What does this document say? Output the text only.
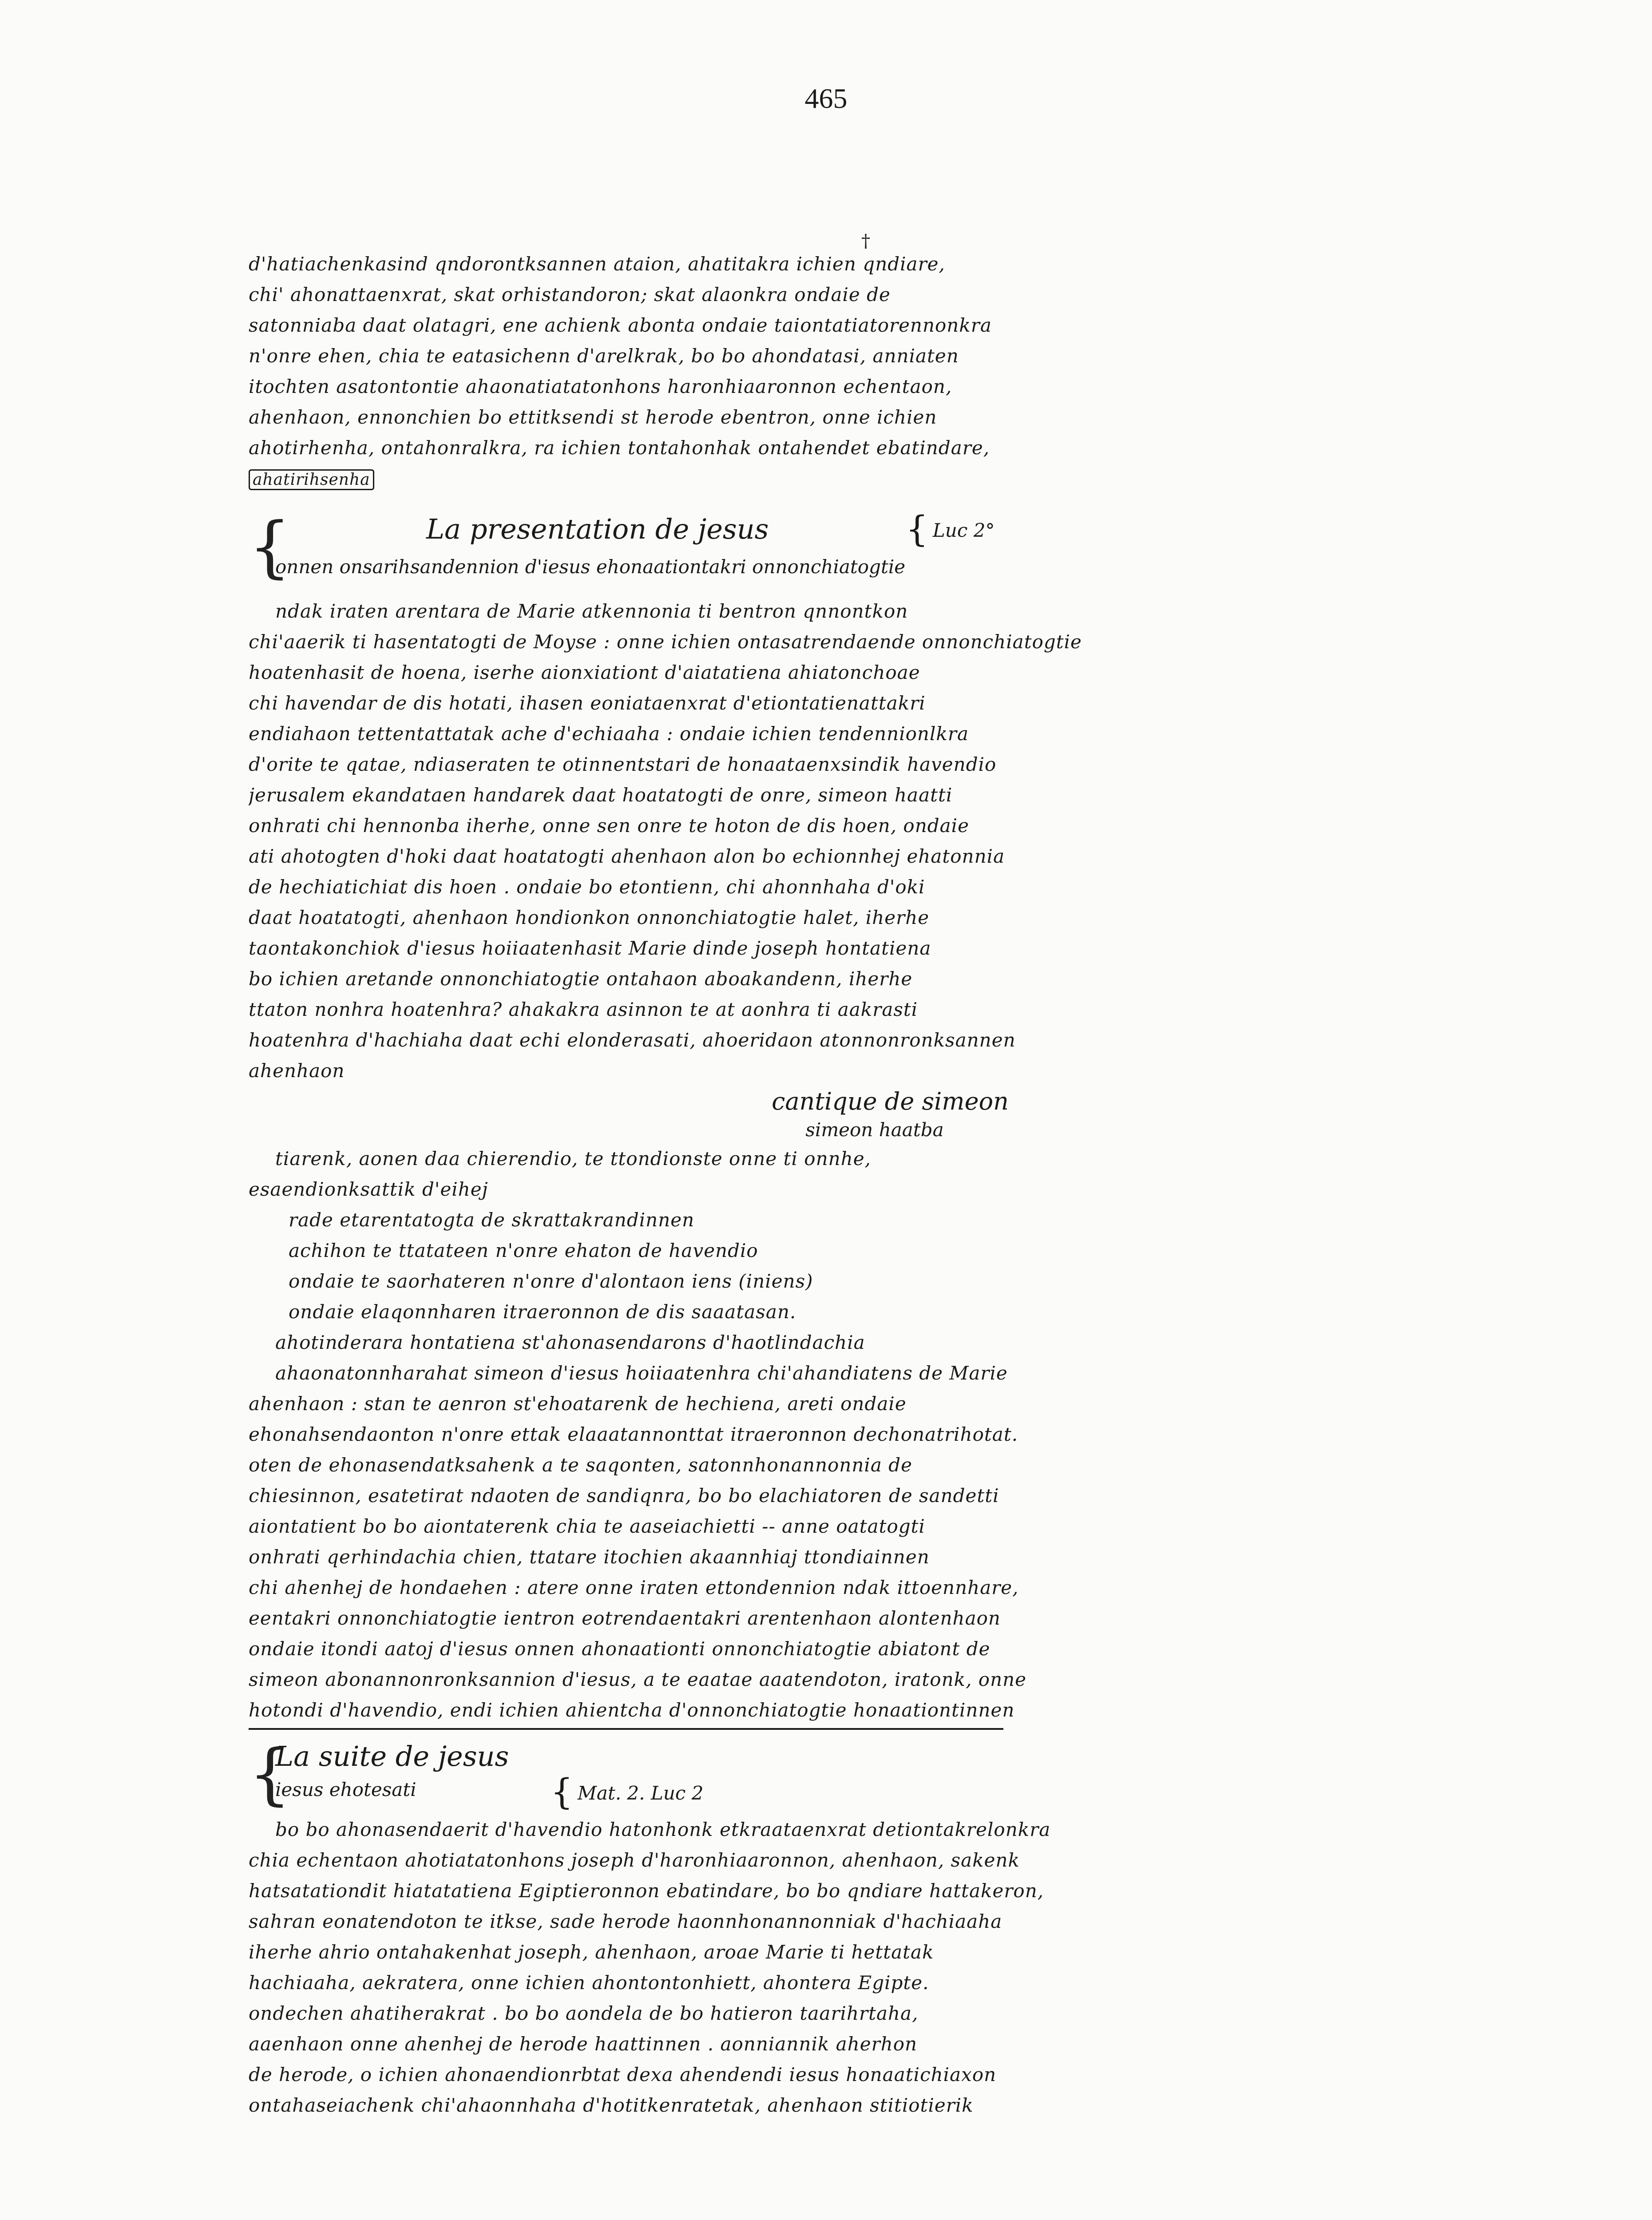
465
†
d'hatiachenkasind qndorontksannen ataion, ahatitakra ichien qndiare,
chi' ahonattaenxrat, skat orhistandoron; skat alaonkra ondaie de
satonniaba daat olatagri, ene achienk abonta ondaie taiontatiatorennonkra
n'onre ehen, chia te eatasichenn d'arelkrak, bo bo ahondatasi, anniaten
itochten asatontontie ahaonatiatatonhons haronhiaaronnon echentaon,
ahenhaon, ennonchien bo ettitksendi st herode ebentron, onne ichien
ahotirhenha, ontahonralkra, ra ichien tontahonhak ontahendet ebatindare,
ahatirihsenha
{	La presentation de jesus	{ Luc 2°
onnen onsarihsandennion d'iesus ehonaationtakri onnonchiatogtie
ndak iraten arentara de Marie atkennonia ti bentron qnnontkon
chi'aaerik ti hasentatogti de Moyse : onne ichien ontasatrendaende onnonchiatogtie
hoatenhasit de hoena, iserhe aionxiationt d'aiatatiena ahiatonchoae
chi havendar de dis hotati, ihasen eoniataenxrat d'etiontatienattakri
endiahaon tettentattatak ache d'echiaaha : ondaie ichien tendennionlkra
d'orite te qatae, ndiaseraten te otinnentstari de honaataenxsindik havendio
jerusalem ekandataen handarek daat hoatatogti de onre, simeon haatti
onhrati chi hennonba iherhe, onne sen onre te hoton de dis hoen, ondaie
ati ahotogten d'hoki daat hoatatogti ahenhaon alon bo echionnhej ehatonnia
de hechiatichiat dis hoen . ondaie bo etontienn, chi ahonnhaha d'oki
daat hoatatogti, ahenhaon hondionkon onnonchiatogtie halet, iherhe
taontakonchiok d'iesus hoiiaatenhasit Marie dinde joseph hontatiena
bo ichien aretande onnonchiatogtie ontahaon aboakandenn, iherhe
ttaton nonhra hoatenhra? ahakakra asinnon te at aonhra ti aakrasti
hoatenhra d'hachiaha daat echi elonderasati, ahoeridaon atonnonronksannen
ahenhaon
cantique de simeon
simeon haatba
tiarenk, aonen daa chierendio, te ttondionste onne ti onnhe,
esaendionksattik d'eihej
rade etarentatogta de skrattakrandinnen
achihon te ttatateen n'onre ehaton de havendio
ondaie te saorhateren n'onre d'alontaon iens (iniens)
ondaie elaqonnharen itraeronnon de dis saaatasan.
ahotinderara hontatiena st'ahonasendarons d'haotlindachia
ahaonatonnharahat simeon d'iesus hoiiaatenhra chi'ahandiatens de Marie
ahenhaon : stan te aenron st'ehoatarenk de hechiena, areti ondaie
ehonahsendaonton n'onre ettak elaaatannonttat itraeronnon dechonatrihotat.
oten de ehonasendatksahenk a te saqonten, satonnhonannonnia de
chiesinnon, esatetirat ndaoten de sandiqnra, bo bo elachiatoren de sandetti
aiontatient bo bo aiontaterenk chia te aaseiachietti -- anne oatatogti
onhrati qerhindachia chien, ttatare itochien akaannhiaj ttondiainnen
chi ahenhej de hondaehen : atere onne iraten ettondennion ndak ittoennhare,
eentakri onnonchiatogtie ientron eotrendaentakri arentenhaon alontenhaon
ondaie itondi aatoj d'iesus onnen ahonaationti onnonchiatogtie abiatont de
simeon abonannonronksannion d'iesus, a te eaatae aaatendoton, iratonk, onne
hotondi d'havendio, endi ichien ahientcha d'onnonchiatogtie honaationtinnen
{
La suite de jesus
iesus ehotesati	{ Mat. 2. Luc 2
bo bo ahonasendaerit d'havendio hatonhonk etkraataenxrat detiontakrelonkra
chia echentaon ahotiatatonhons joseph d'haronhiaaronnon, ahenhaon, sakenk
hatsatationdit hiatatatiena Egiptieronnon ebatindare, bo bo qndiare hattakeron,
sahran eonatendoton te itkse, sade herode haonnhonannonniak d'hachiaaha
iherhe ahrio ontahakenhat joseph, ahenhaon, aroae Marie ti hettatak
hachiaaha, aekratera, onne ichien ahontontonhiett, ahontera Egipte.
ondechen ahatiherakrat . bo bo aondela de bo hatieron taarihrtaha,
aaenhaon onne ahenhej de herode haattinnen . aonniannik aherhon
de herode, o ichien ahonaendionrbtat dexa ahendendi iesus honaatichiaxon
ontahaseiachenk chi'ahaonnhaha d'hotitkenratetak, ahenhaon stitiotierik
